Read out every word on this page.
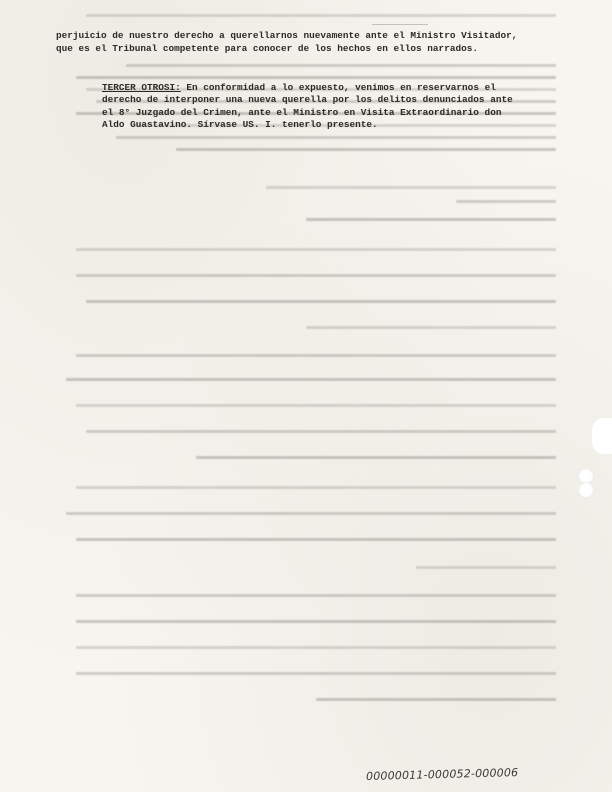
perjuicio de nuestro derecho a querellarnos nuevamente ante el Ministro Visitador, que es el Tribunal competente para conocer de los hechos en ellos narrados.

TERCER OTROSI: En conformidad a lo expuesto, venimos en reservarnos el derecho de interponer una nueva querella por los delitos denunciados ante el 8° Juzgado del Crimen, ante el Ministro en Visita Extraordinario don Aldo Guastavino. Sírvase US. I. tenerlo presente.

00000011-000052-000006
